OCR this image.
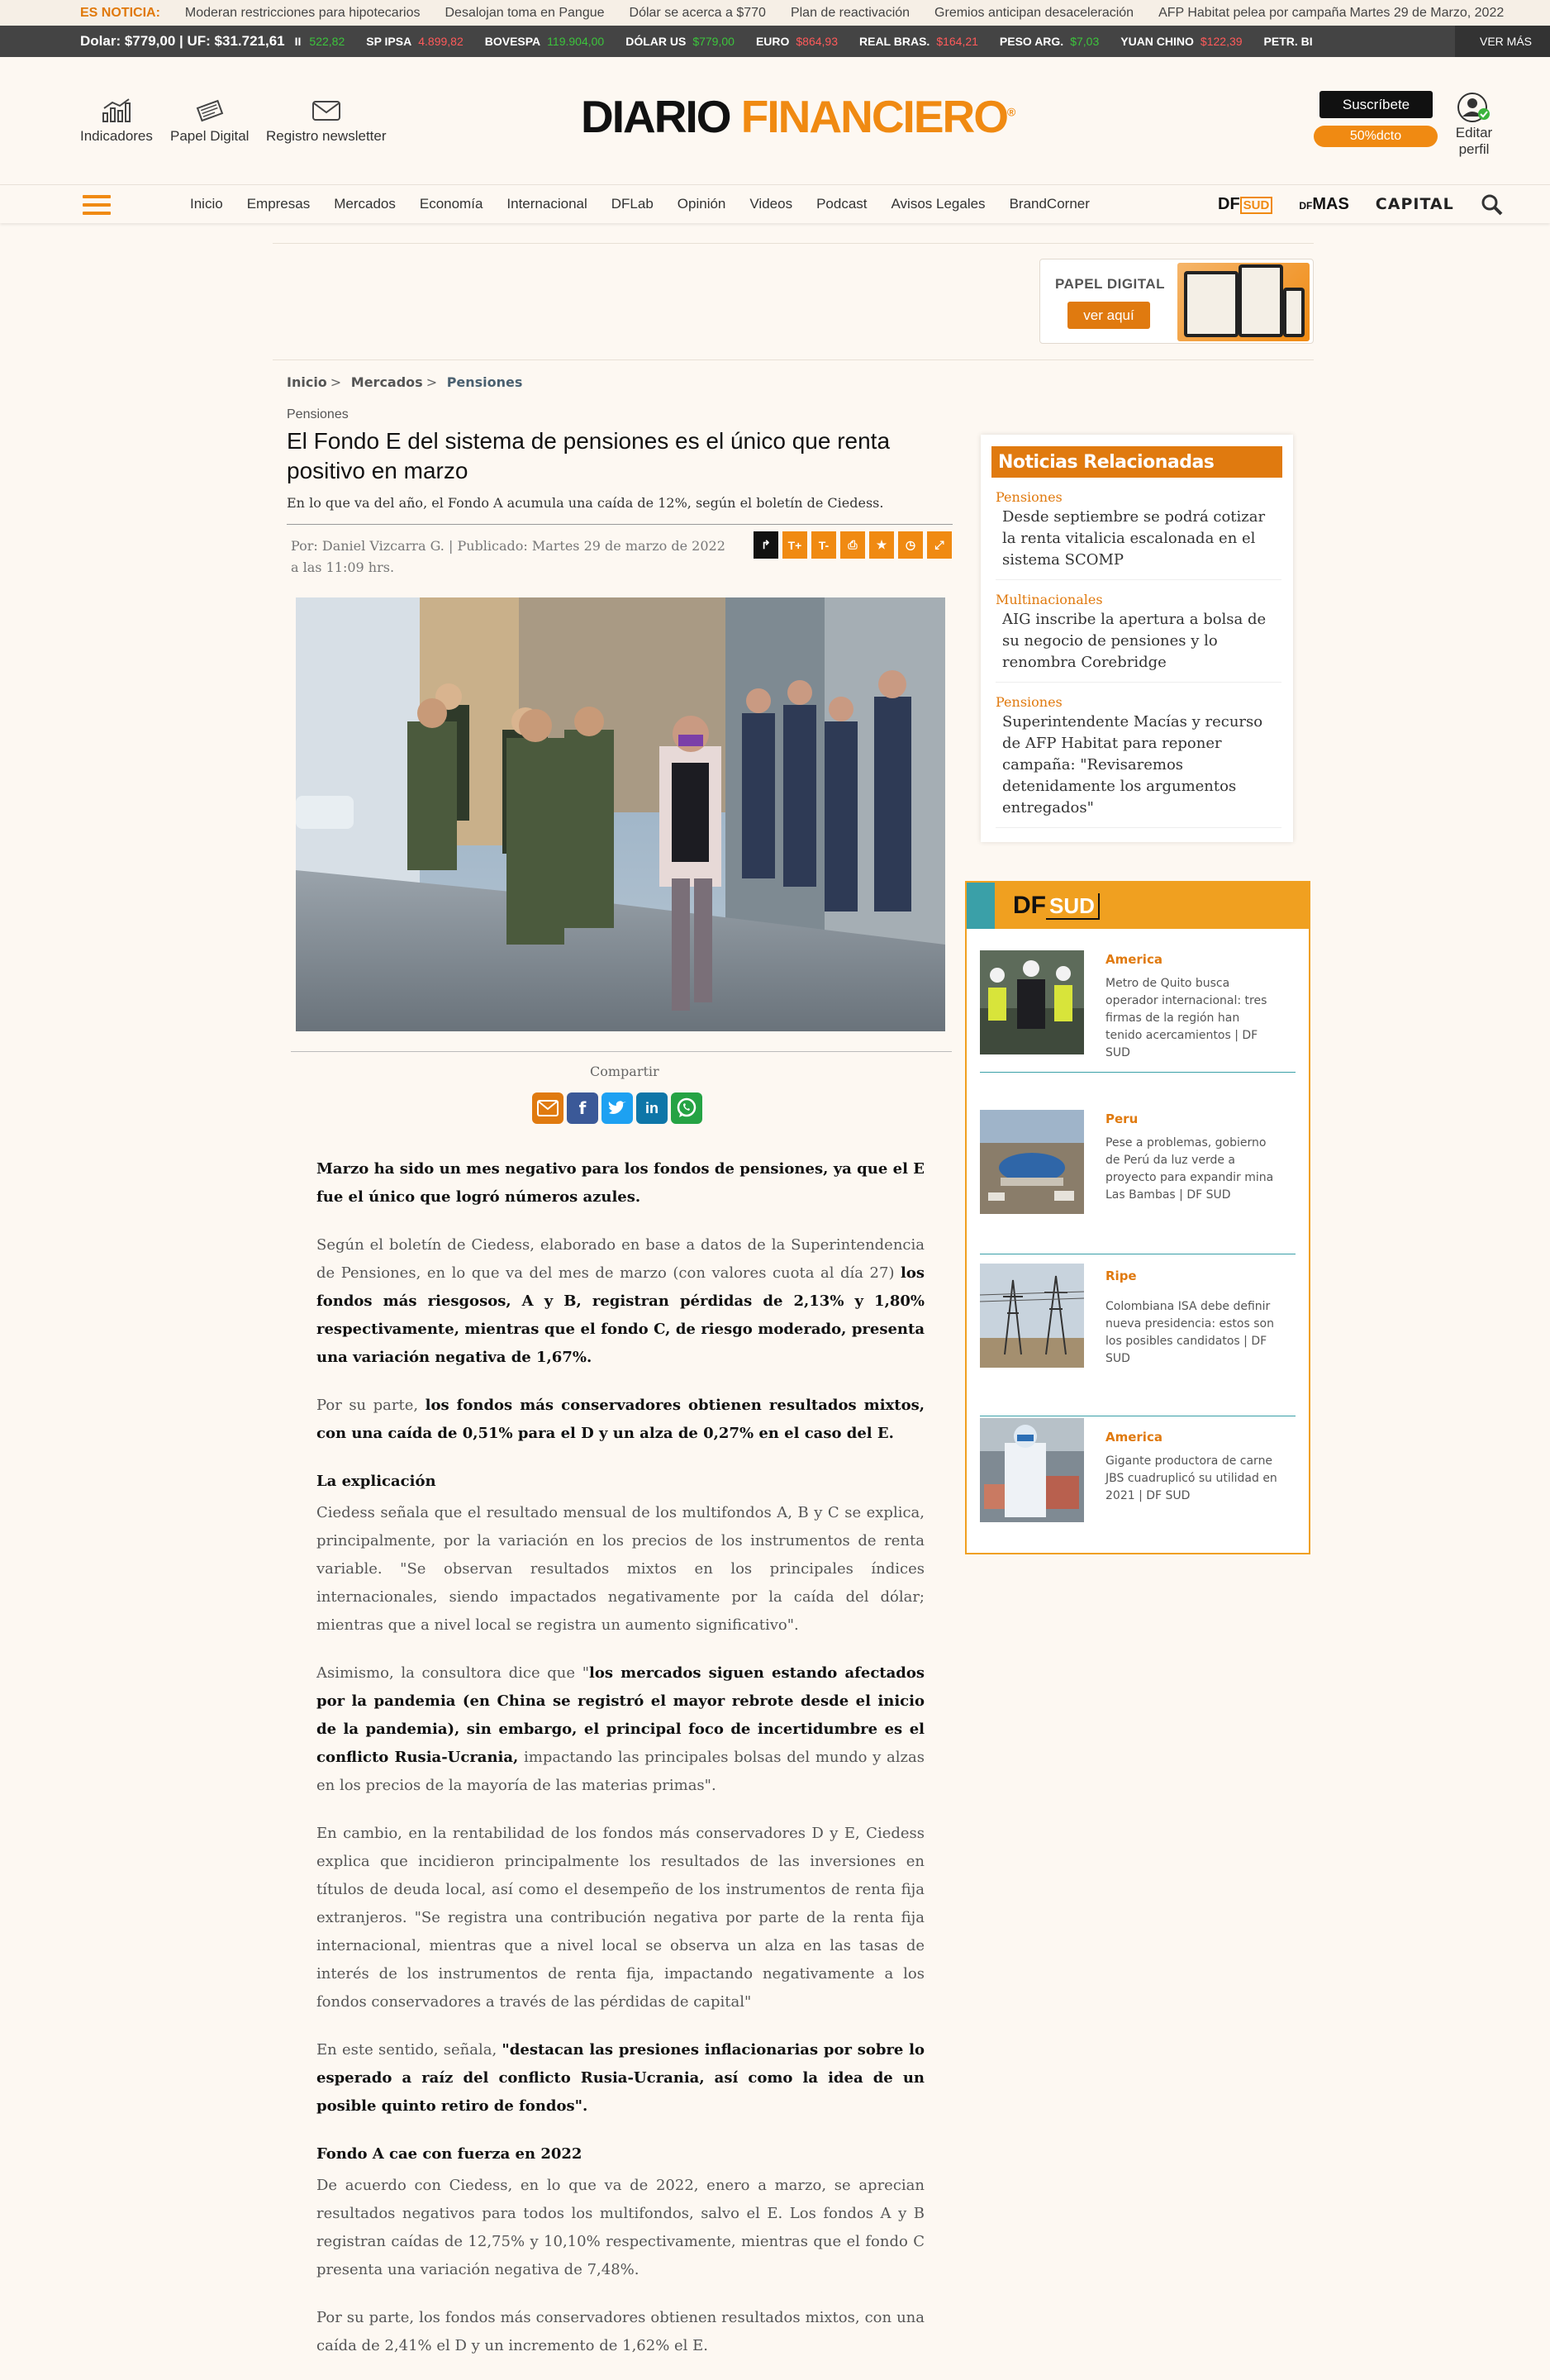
ES NOTICIA: Moderan restricciones para hipotecarios Desalojan toma en Pangue Dólar se acerca a $770 Plan de reactivación Gremios anticipan desaceleración AFP Habitat pelea por campaña Martes 29 de Marzo, 2022
Dolar: $779,00 | UF: $31.721,61 II 522,82 SP IPSA 4.899,82 BOVESPA 119.904,00 DÓLAR US $779,00 EURO $864,93 REAL BRAS. $164,21 PESO ARG. $7,03 YUAN CHINO $122,39 PETR. BI	VER MÁS
Indicadores Papel Digital Registro newsletter	DIARIO FINANCIERO®
Suscríbete
50%dcto	Editar perfil
Inicio Empresas Mercados Economía Internacional DFLab Opinión Videos Podcast Avisos Legales BrandCorner	DF SUD	DFMAS CAPITAL
PAPEL DIGITAL
ver aquí
Inicio > Mercados > Pensiones
Pensiones
El Fondo E del sistema de pensiones es el único que renta positivo en marzo
En lo que va del año, el Fondo A acumula una caída de 12%, según el boletín de Ciedess.
Por: Daniel Vizcarra G. | Publicado: Martes 29 de marzo de 2022 a las 11:09 hrs.
↱	T+	T-	⎙	★	◷	⤢
Compartir
f	in

Marzo ha sido un mes negativo para los fondos de pensiones, ya que el E fue el único que logró números azules.

Según el boletín de Ciedess, elaborado en base a datos de la Superintendencia de Pensiones, en lo que va del mes de marzo (con valores cuota al día 27) los fondos más riesgosos, A y B, registran pérdidas de 2,13% y 1,80% respectivamente, mientras que el fondo C, de riesgo moderado, presenta una variación negativa de 1,67%.

Por su parte, los fondos más conservadores obtienen resultados mixtos, con una caída de 0,51% para el D y un alza de 0,27% en el caso del E.

La explicación

Ciedess señala que el resultado mensual de los multifondos A, B y C se explica, principalmente, por la variación en los precios de los instrumentos de renta variable. "Se observan resultados mixtos en los principales índices internacionales, siendo impactados negativamente por la caída del dólar; mientras que a nivel local se registra un aumento significativo".

Asimismo, la consultora dice que "los mercados siguen estando afectados por la pandemia (en China se registró el mayor rebrote desde el inicio de la pandemia), sin embargo, el principal foco de incertidumbre es el conflicto Rusia-Ucrania, impactando las principales bolsas del mundo y alzas en los precios de la mayoría de las materias primas".

En cambio, en la rentabilidad de los fondos más conservadores D y E, Ciedess explica que incidieron principalmente los resultados de las inversiones en títulos de deuda local, así como el desempeño de los instrumentos de renta fija extranjeros. "Se registra una contribución negativa por parte de la renta fija internacional, mientras que a nivel local se observa un alza en las tasas de interés de los instrumentos de renta fija, impactando negativamente a los fondos conservadores a través de las pérdidas de capital"

En este sentido, señala, "destacan las presiones inflacionarias por sobre lo esperado a raíz del conflicto Rusia-Ucrania, así como la idea de un posible quinto retiro de fondos".

Fondo A cae con fuerza en 2022

De acuerdo con Ciedess, en lo que va de 2022, enero a marzo, se aprecian resultados negativos para todos los multifondos, salvo el E. Los fondos A y B registran caídas de 12,75% y 10,10% respectivamente, mientras que el fondo C presenta una variación negativa de 7,48%.

Por su parte, los fondos más conservadores obtienen resultados mixtos, con una caída de 2,41% el D y un incremento de 1,62% el E.

Noticias Relacionadas
Pensiones
Desde septiembre se podrá cotizar la renta vitalicia escalonada en el sistema SCOMP
Multinacionales
AIG inscribe la apertura a bolsa de su negocio de pensiones y lo renombra Corebridge
Pensiones
Superintendente Macías y recurso de AFP Habitat para reponer campaña: "Revisaremos detenidamente los argumentos entregados"
DF SUD
America
Metro de Quito busca operador internacional: tres firmas de la región han tenido acercamientos | DF SUD
Peru
Pese a problemas, gobierno de Perú da luz verde a proyecto para expandir mina Las Bambas | DF SUD
Ripe
Colombiana ISA debe definir nueva presidencia: estos son los posibles candidatos | DF SUD
America
Gigante productora de carne JBS cuadruplicó su utilidad en 2021 | DF SUD
